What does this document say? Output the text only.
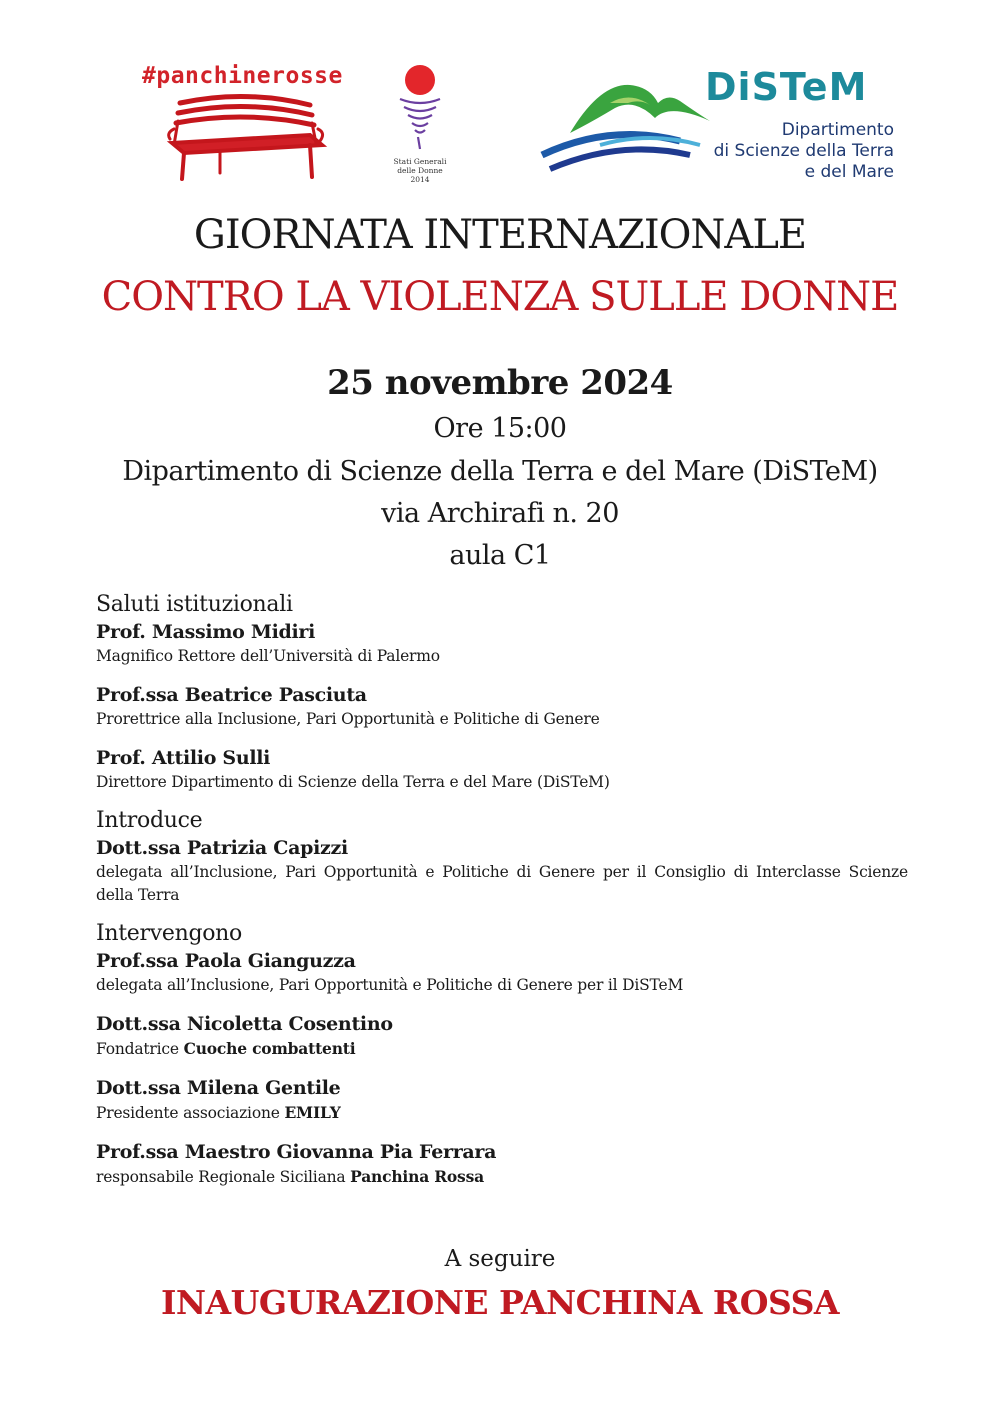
#panchinerosse
Stati Generali delle Donne 2014
DiSTeM
Dipartimento
di Scienze della Terra
e del Mare
GIORNATA INTERNAZIONALE
CONTRO LA VIOLENZA SULLE DONNE
25 novembre 2024
Ore 15:00
Dipartimento di Scienze della Terra e del Mare (DiSTeM)
via Archirafi n. 20
aula C1
Saluti istituzionali
Prof. Massimo Midiri
Magnifico Rettore dell’Università di Palermo
Prof.ssa Beatrice Pasciuta
Prorettrice alla Inclusione, Pari Opportunità e Politiche di Genere
Prof. Attilio Sulli
Direttore Dipartimento di Scienze della Terra e del Mare (DiSTeM)
Introduce
Dott.ssa Patrizia Capizzi
delegata all’Inclusione, Pari Opportunità e Politiche di Genere per il Consiglio di Interclasse Scienze della Terra
Intervengono
Prof.ssa Paola Gianguzza
delegata all’Inclusione, Pari Opportunità e Politiche di Genere per il DiSTeM
Dott.ssa Nicoletta Cosentino
Fondatrice Cuoche combattenti
Dott.ssa Milena Gentile
Presidente associazione EMILY
Prof.ssa Maestro Giovanna Pia Ferrara
responsabile Regionale Siciliana Panchina Rossa
A seguire
INAUGURAZIONE PANCHINA ROSSA
